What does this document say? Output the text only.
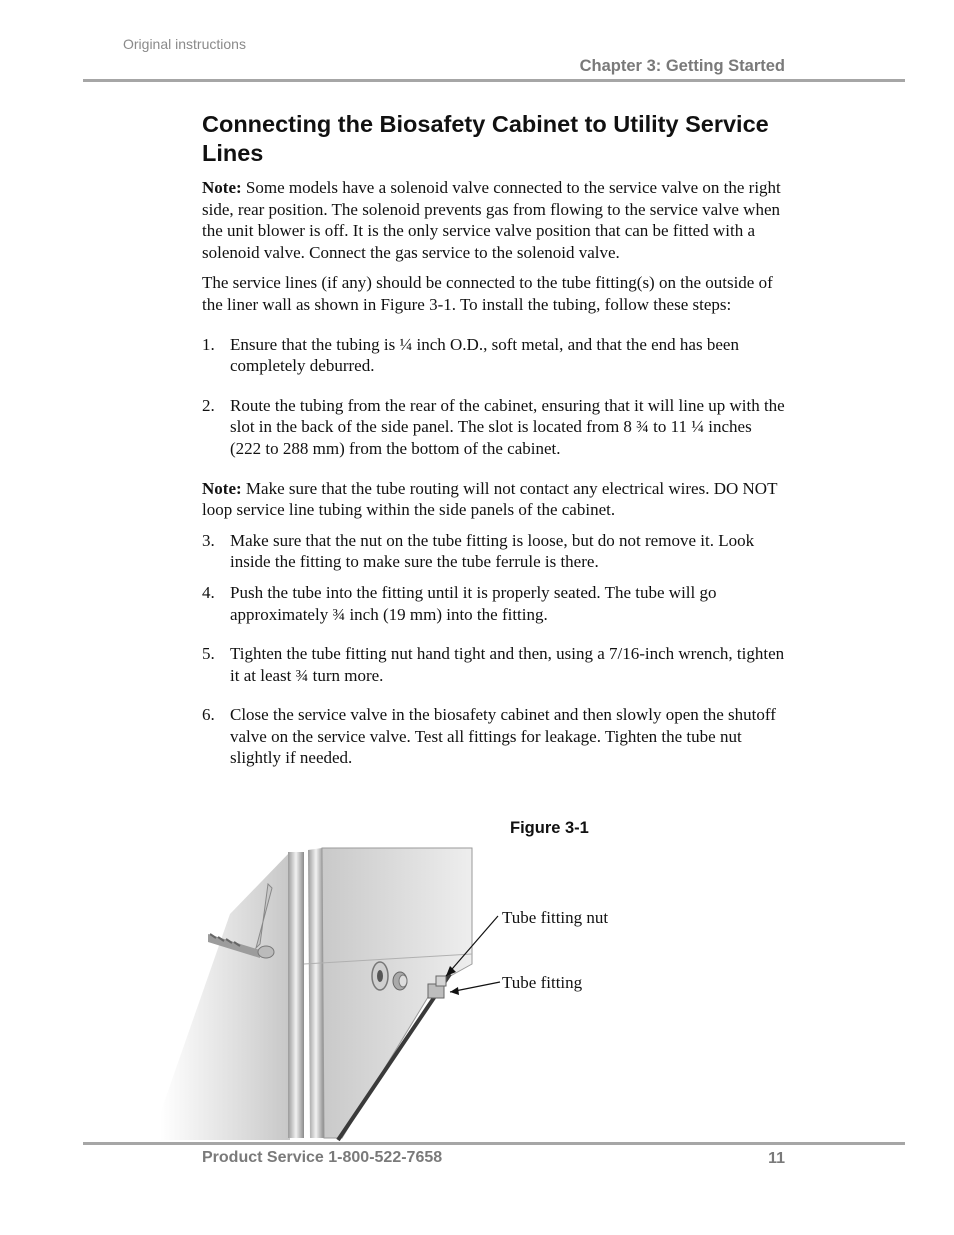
Original instructions
Chapter 3: Getting Started
Connecting the Biosafety Cabinet to Utility Service Lines

Note: Some models have a solenoid valve connected to the service valve on the right side, rear position. The solenoid prevents gas from flowing to the service valve when the unit blower is off. It is the only service valve position that can be fitted with a solenoid valve. Connect the gas service to the solenoid valve.

The service lines (if any) should be connected to the tube fitting(s) on the outside of the liner wall as shown in Figure 3-1. To install the tubing, follow these steps:

1. Ensure that the tubing is ¼ inch O.D., soft metal, and that the end has been completely deburred.
2. Route the tubing from the rear of the cabinet, ensuring that it will line up with the slot in the back of the side panel. The slot is located from 8 ¾ to 11 ¼ inches (222 to 288 mm) from the bottom of the cabinet.

Note: Make sure that the tube routing will not contact any electrical wires. DO NOT loop service line tubing within the side panels of the cabinet.

3. Make sure that the nut on the tube fitting is loose, but do not remove it. Look inside the fitting to make sure the tube ferrule is there.
4. Push the tube into the fitting until it is properly seated. The tube will go approximately ¾ inch (19 mm) into the fitting.
5. Tighten the tube fitting nut hand tight and then, using a 7/16-inch wrench, tighten it at least ¾ turn more.
6. Close the service valve in the biosafety cabinet and then slowly open the shutoff valve on the service valve. Test all fittings for leakage. Tighten the tube nut slightly if needed.
Figure 3-1
Tube fitting nut
Tube fitting
Product Service 1-800-522-7658	11
